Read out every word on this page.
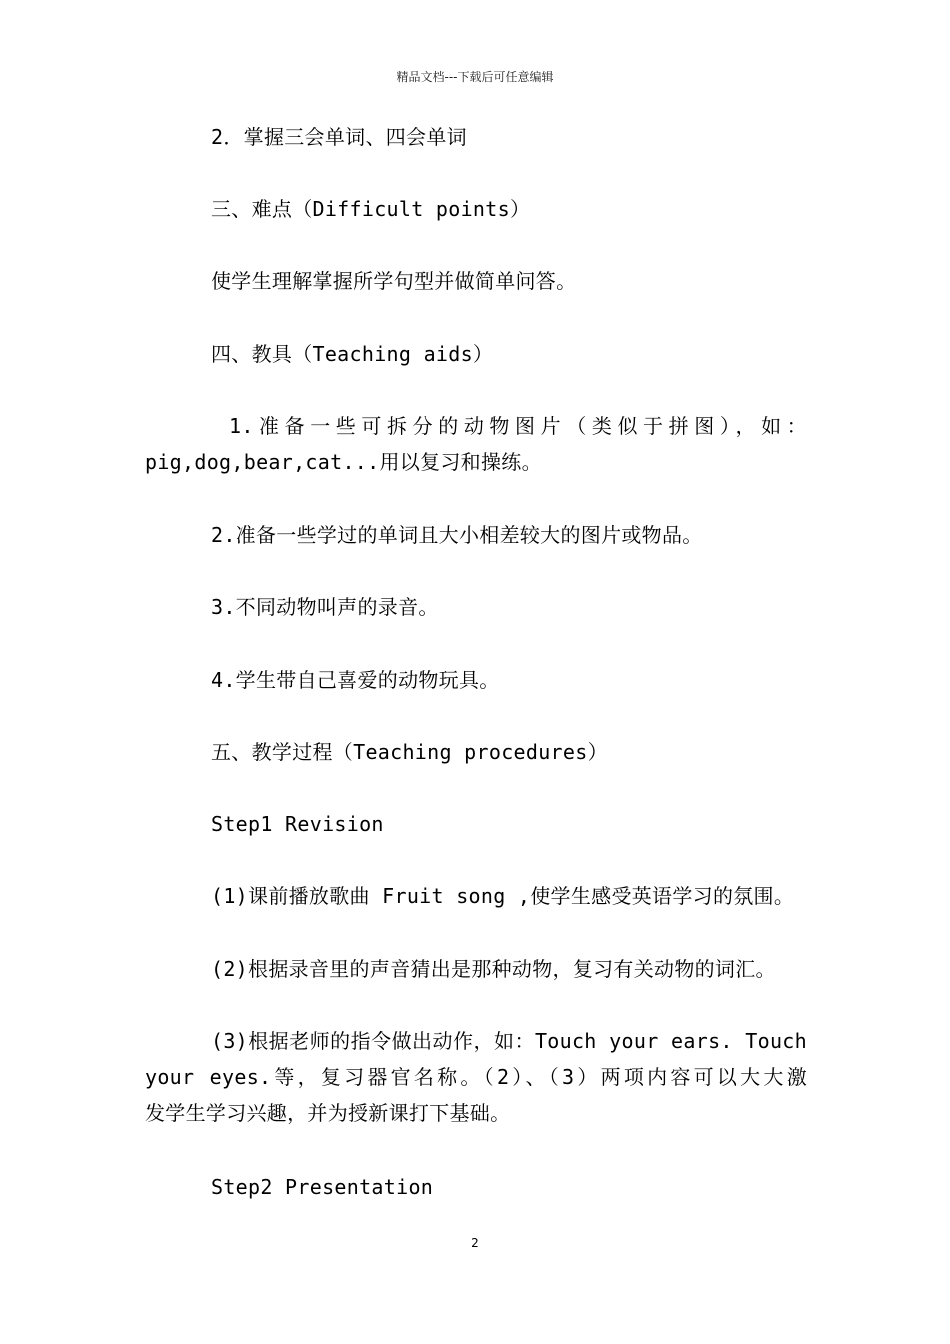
精品文档---下载后可任意编辑
2．掌握三会单词、四会单词
三、难点（Difficult points）
使学生理解掌握所学句型并做简单问答。
四、教具（Teaching aids）
1.准备一些可拆分的动物图片（类似于拼图），如：
pig,dog,bear,cat...用以复习和操练。
2.准备一些学过的单词且大小相差较大的图片或物品。
3.不同动物叫声的录音。
4.学生带自己喜爱的动物玩具。
五、教学过程（Teaching procedures）
Step1 Revision
(1)课前播放歌曲 Fruit song ,使学生感受英语学习的氛围。
(2)根据录音里的声音猜出是那种动物，复习有关动物的词汇。
(3)根据老师的指令做出动作，如：Touch your ears. Touch
your eyes.等，复习器官名称。（2）、（3）两项内容可以大大激
发学生学习兴趣，并为授新课打下基础。
Step2 Presentation
2
